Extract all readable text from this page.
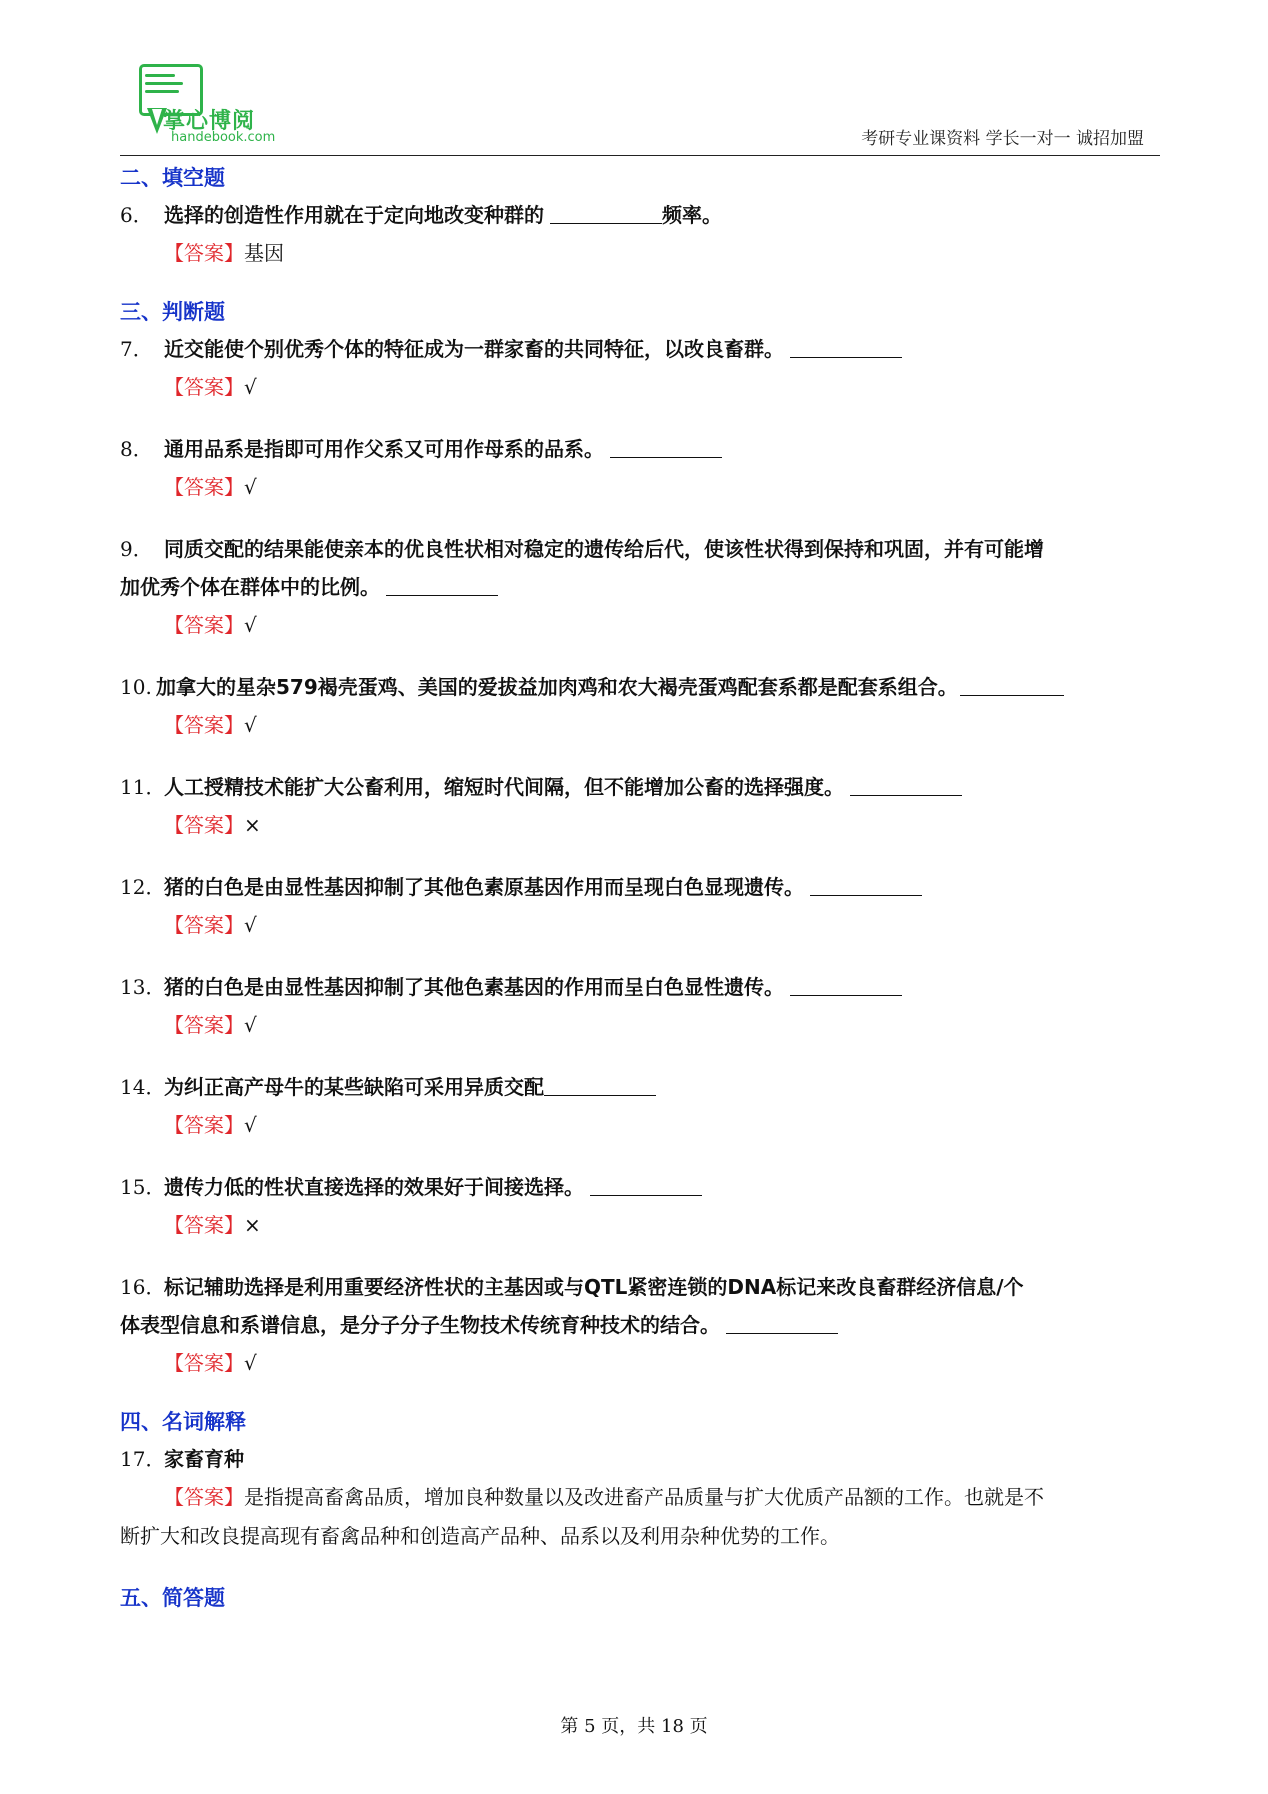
掌心博阅
handebook.com	考研专业课资料 学长一对一 诚招加盟

二、填空题

6． 选择的创造性作用就在于定向地改变种群的	频率。

【答案】基因

三、判断题

7． 近交能使个别优秀个体的特征成为一群家畜的共同特征，以改良畜群。

【答案】√

8． 通用品系是指即可用作父系又可用作母系的品系。

【答案】√

9． 同质交配的结果能使亲本的优良性状相对稳定的遗传给后代，使该性状得到保持和巩固，并有可能增

加优秀个体在群体中的比例。

【答案】√

10. 加拿大的星杂579褐壳蛋鸡、美国的爱拔益加肉鸡和农大褐壳蛋鸡配套系都是配套系组合。

【答案】√

11．人工授精技术能扩大公畜利用，缩短时代间隔，但不能增加公畜的选择强度。

【答案】×

12．猪的白色是由显性基因抑制了其他色素原基因作用而呈现白色显现遗传。

【答案】√

13．猪的白色是由显性基因抑制了其他色素基因的作用而呈白色显性遗传。

【答案】√

14．为纠正高产母牛的某些缺陷可采用异质交配

【答案】√

15．遗传力低的性状直接选择的效果好于间接选择。

【答案】×

16．标记辅助选择是利用重要经济性状的主基因或与QTL紧密连锁的DNA标记来改良畜群经济信息/个

体表型信息和系谱信息，是分子分子生物技术传统育种技术的结合。

【答案】√

四、名词解释

17．家畜育种

【答案】是指提高畜禽品质，增加良种数量以及改进畜产品质量与扩大优质产品额的工作。也就是不

断扩大和改良提高现有畜禽品种和创造高产品种、品系以及利用杂种优势的工作。

五、简答题

第 5 页，共 18 页
